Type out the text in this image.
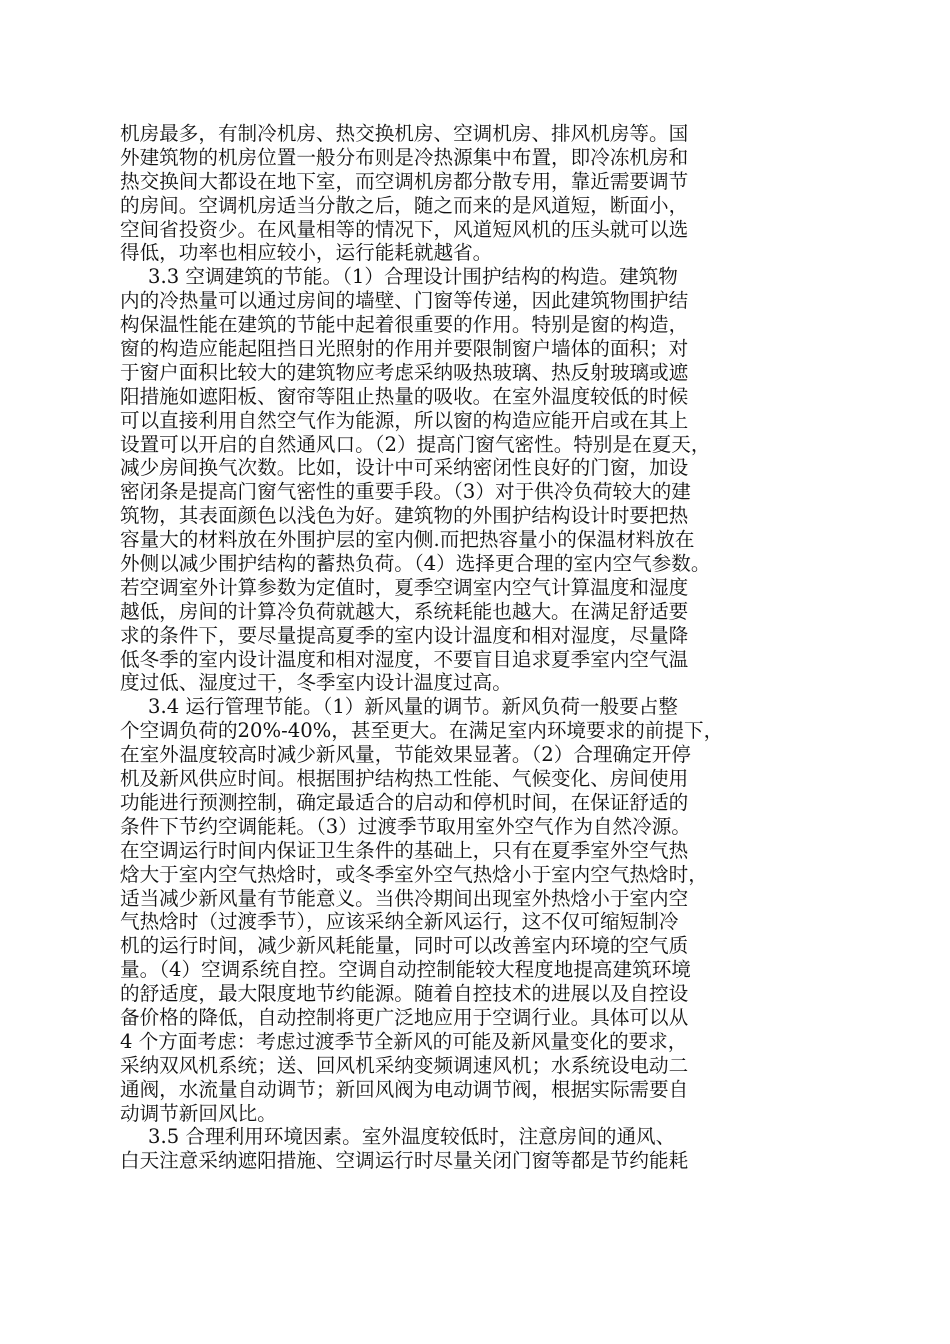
机房最多，有制冷机房、热交换机房、空调机房、排风机房等。国
外建筑物的机房位置一般分布则是冷热源集中布置，即冷冻机房和
热交换间大都设在地下室，而空调机房都分散专用，靠近需要调节
的房间。空调机房适当分散之后，随之而来的是风道短，断面小，
空间省投资少。在风量相等的情况下，风道短风机的压头就可以选
得低，功率也相应较小，运行能耗就越省。
3.3 空调建筑的节能。（1）合理设计围护结构的构造。建筑物
内的冷热量可以通过房间的墙壁、门窗等传递，因此建筑物围护结
构保温性能在建筑的节能中起着很重要的作用。特别是窗的构造，
窗的构造应能起阻挡日光照射的作用并要限制窗户墙体的面积；对
于窗户面积比较大的建筑物应考虑采纳吸热玻璃、热反射玻璃或遮
阳措施如遮阳板、窗帘等阻止热量的吸收。在室外温度较低的时候
可以直接利用自然空气作为能源，所以窗的构造应能开启或在其上
设置可以开启的自然通风口。（2）提高门窗气密性。特别是在夏天，
减少房间换气次数。比如，设计中可采纳密闭性良好的门窗，加设
密闭条是提高门窗气密性的重要手段。（3）对于供冷负荷较大的建
筑物，其表面颜色以浅色为好。建筑物的外围护结构设计时要把热
容量大的材料放在外围护层的室内侧.而把热容量小的保温材料放在
外侧以减少围护结构的蓄热负荷。（4）选择更合理的室内空气参数。
若空调室外计算参数为定值时，夏季空调室内空气计算温度和湿度
越低，房间的计算冷负荷就越大，系统耗能也越大。在满足舒适要
求的条件下，要尽量提高夏季的室内设计温度和相对湿度，尽量降
低冬季的室内设计温度和相对湿度，不要盲目追求夏季室内空气温
度过低、湿度过干，冬季室内设计温度过高。
3.4 运行管理节能。（1）新风量的调节。新风负荷一般要占整
个空调负荷的20%-40%，甚至更大。在满足室内环境要求的前提下，
在室外温度较高时减少新风量，节能效果显著。（2）合理确定开停
机及新风供应时间。根据围护结构热工性能、气候变化、房间使用
功能进行预测控制，确定最适合的启动和停机时间，在保证舒适的
条件下节约空调能耗。（3）过渡季节取用室外空气作为自然冷源。
在空调运行时间内保证卫生条件的基础上，只有在夏季室外空气热
焓大于室内空气热焓时，或冬季室外空气热焓小于室内空气热焓时，
适当减少新风量有节能意义。当供冷期间出现室外热焓小于室内空
气热焓时（过渡季节），应该采纳全新风运行，这不仅可缩短制冷
机的运行时间，减少新风耗能量，同时可以改善室内环境的空气质
量。（4）空调系统自控。空调自动控制能较大程度地提高建筑环境
的舒适度，最大限度地节约能源。随着自控技术的进展以及自控设
备价格的降低，自动控制将更广泛地应用于空调行业。具体可以从
4 个方面考虑：考虑过渡季节全新风的可能及新风量变化的要求，
采纳双风机系统；送、回风机采纳变频调速风机；水系统设电动二
通阀，水流量自动调节；新回风阀为电动调节阀，根据实际需要自
动调节新回风比。
3.5 合理利用环境因素。室外温度较低时，注意房间的通风、
白天注意采纳遮阳措施、空调运行时尽量关闭门窗等都是节约能耗
